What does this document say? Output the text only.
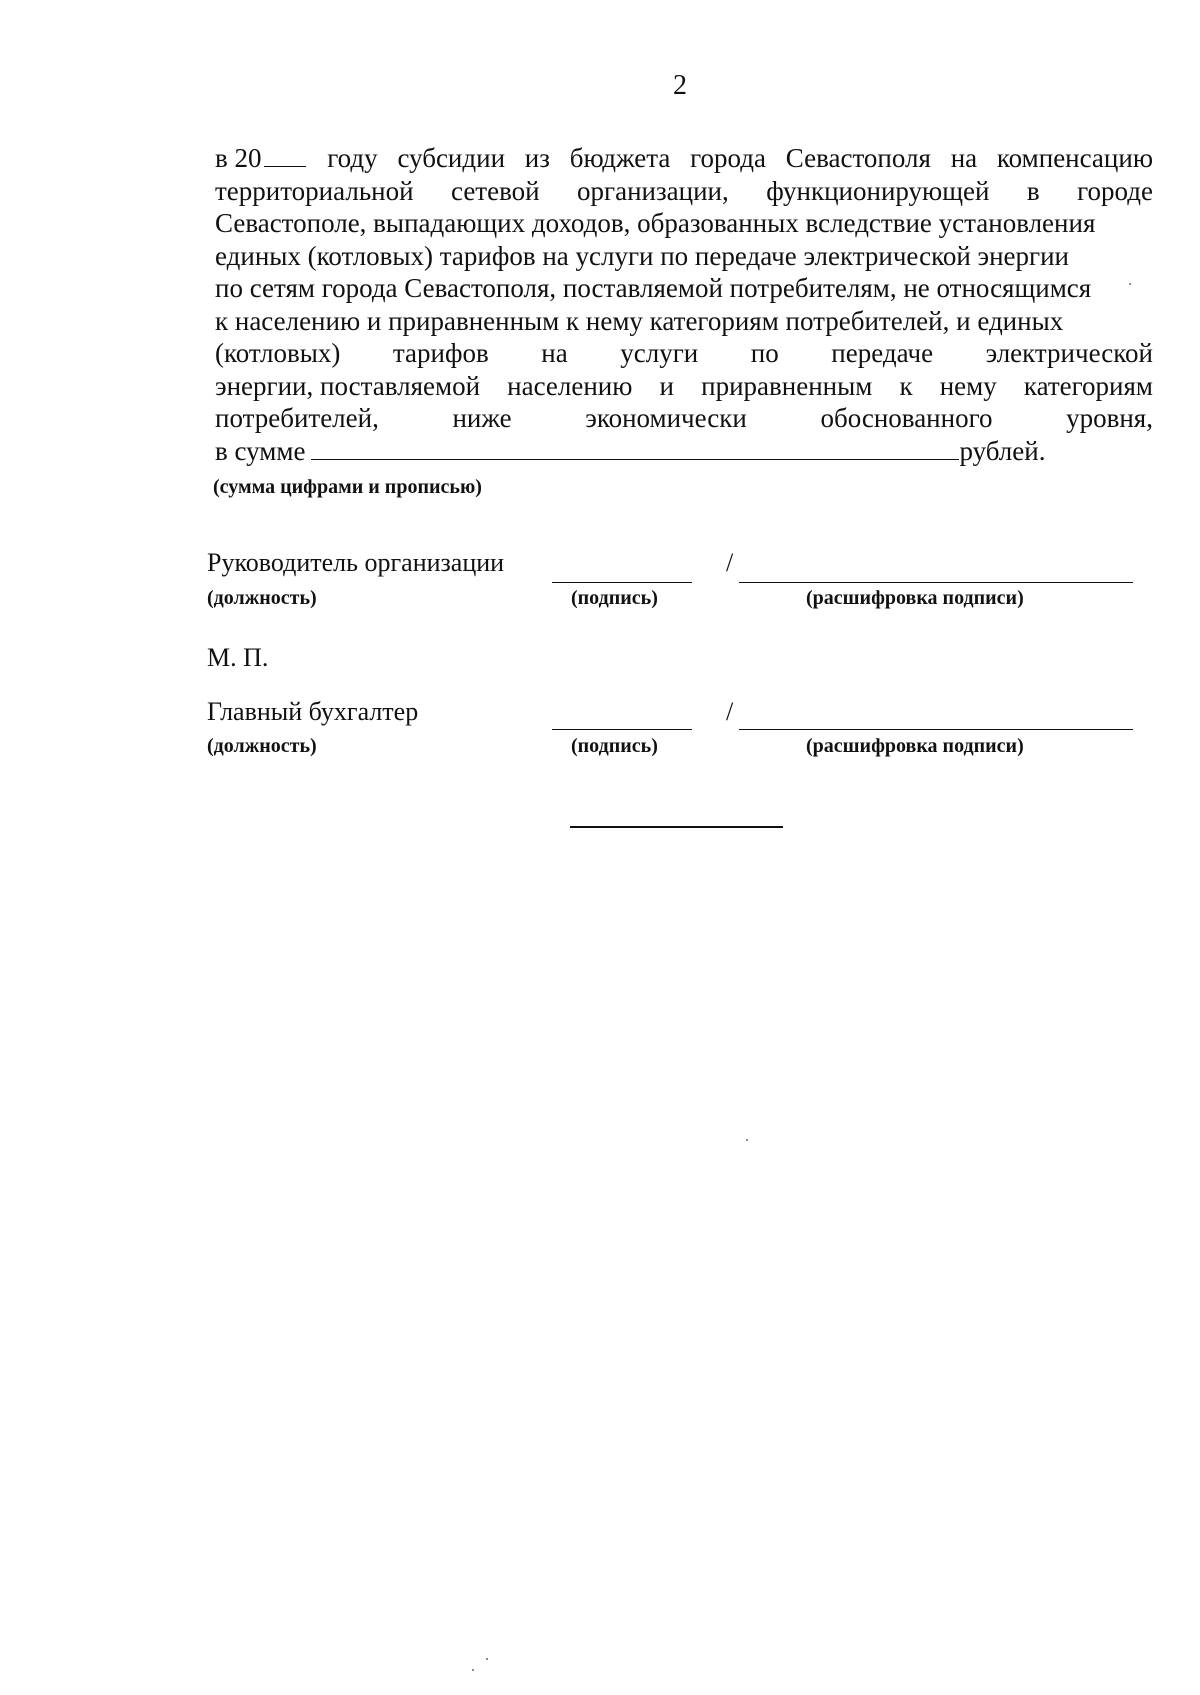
2
в 20	году субсидии из бюджета города Севастополя на компенсацию
территориальной сетевой организации, функционирующей в городе
Севастополе, выпадающих доходов, образованных вследствие установления
единых (котловых) тарифов на услуги по передаче электрической энергии
по сетям города Севастополя, поставляемой потребителям, не относящимся
к населению и приравненным к нему категориям потребителей, и единых
(котловых) тарифов на услуги по передаче электрической
энергии, поставляемой населению и приравненным к нему категориям
потребителей,	ниже	экономически	обоснованного	уровня,
в сумме	рублей.
(сумма цифрами и прописью)
Руководитель организации	/
(должность)	(подпись)	(расшифровка подписи)
М. П.
Главный бухгалтер	/
(должность)	(подпись)	(расшифровка подписи)
